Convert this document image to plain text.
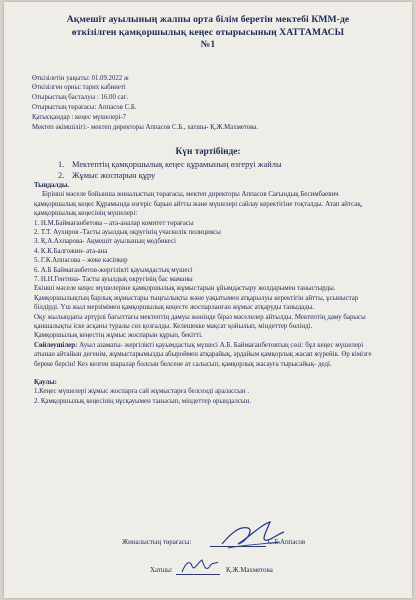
Ақмешіт ауылының жалпы орта білім беретін мектебі КММ-де
өткізілген қамқоршылық кеңес отырысының ХАТТАМАСЫ
№1
Өткізілетін уақыты: 01.09.2022 ж
Өткізілген орны: тарих кабинеті
Отырыстың басталуы : 16.00 сағ.
Отырыстың төрағасы: Аппасов С.Б.
Қатысқандар : кеңес мүшелері-7
Мектеп әкімшілігі:- мектеп директоры Аппасов С.Б., хатшы- Қ.Ж.Махметова.
Күн тәртібінде:
1. Мектептің қамқоршылық кеңес құрамының өзгеруі жайлы
2. Жұмыс жоспарын құру
Тыңдалды.
Бірінші мәселе бойынша жиналыстың төрағасы, мектеп директоры Аппасов Сағындық Бесимбаевич қамқоршылық кеңес Құрамында өзгеріс барын айтты және мүшелері сайлау керектігіне тоқталды. Атап айтсақ, қамқоршылық кеңесінің мүшелері:
1. Н.М.Баймағанбетова – ата-аналар комитет төрағасы
2. Т.Т. Аухиров -Тасты ауылдық округінің учаскелік полициясы
3. Қ.А.Ахпарова- Ақмешіт ауылының медбикесі
4. К.К.Балгожин- ата-ана
5. Г.К.Аппасова – жеке кәсіпкер
6. А.Б Баймағанбетов-жергілікті қауымдастық мүшесі
7. Н.Н.Гентина- Тасты ауылдық округінің бас маманы
Екінші мәселе кеңес мүшелеріне қамқоршылық жұмыстарын ұйымдастыру жолдарымен таныстырды. Қамқоршылықтың барлық жұмыстары тыңғылықты және уақытымен атқарылуы керектігін айтты, ұсыныстар білдірді. Үш жыл мерзімімен қамқоршылық кеңесте жоспарланған жұмыс атқаруды таныдады.
Оқу жылындағы әртүрлі бағыттағы мектептің дамуы жөнінде біраз мәселелер айтылды. Мектептің даму барысы қаншалықты іске асқаны туралы сөз қозғалды. Келешекке мақсат қойылып, міндеттер бөлінді.
Қамқоршылық кеңестің жұмыс жоспарын құрып, бекітті.
Сөйлеушілер: Ауыл азаматы- жергілікті қауымдастық мүшесі А.Б. Баймағанбетовтың сөзі: бұл кеңес мүшелері атынан айтайын дегенім, жұмыстарымызды абыроймен атқарайық, әрдайым қамқорлық жасап жүрейік. Өр кімізге береке берсін! Кез келген шаралар болсын белсене ат салысып, қамқорлық жасауға тырысайық- деді.
Қаулы:
1.Кеңес мүшелері жұмыс жоспарға сай жұмыстарға белсенді аралассын .
2. Қамқоршылық кеңесінің нұсқауымен танысып, міндеттер орындалсын.
Жиналыстың төрағасы:	С.Б.Аппасов
Хатшы:	Қ.Ж.Махметова
